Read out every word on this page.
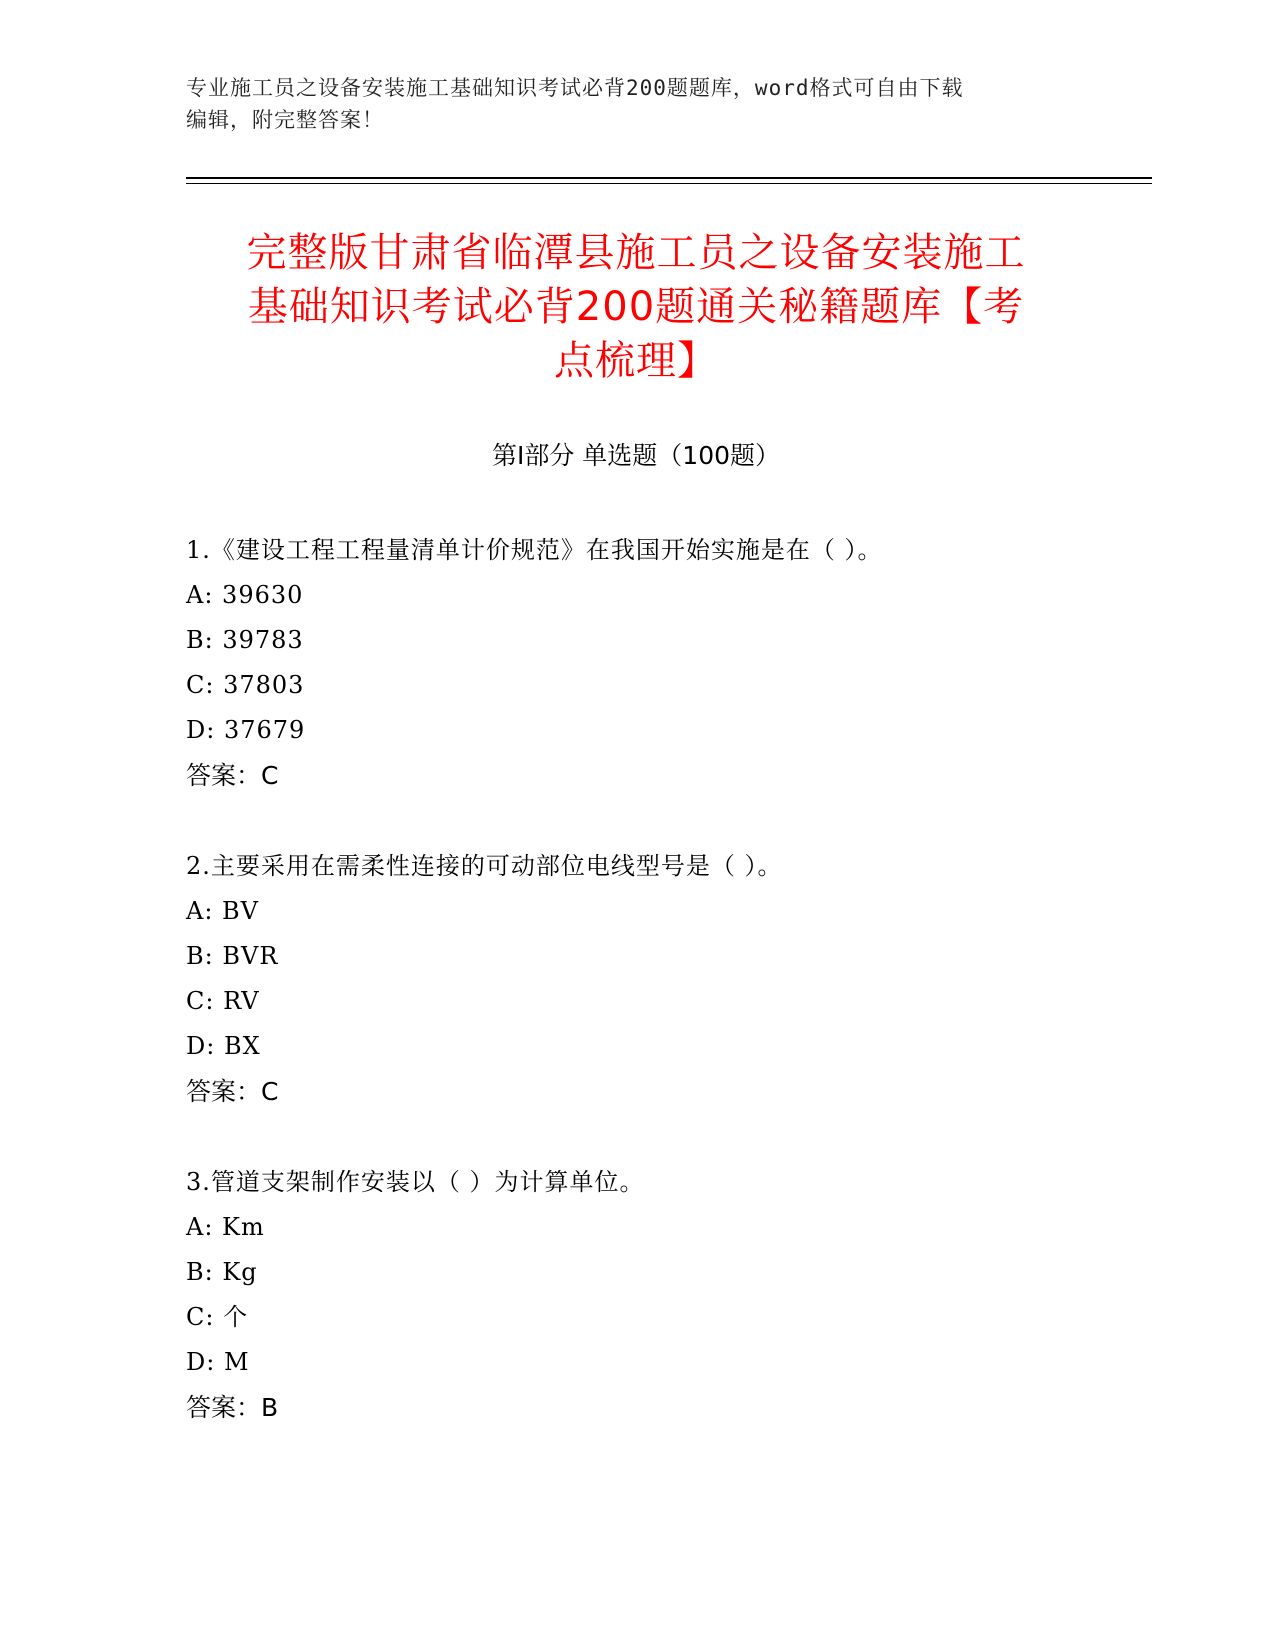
专业施工员之设备安装施工基础知识考试必背200题题库，word格式可自由下载
编辑，附完整答案！
完整版甘肃省临潭县施工员之设备安装施工
基础知识考试必背200题通关秘籍题库【考
点梳理】
第Ⅰ部分 单选题（100题）
1.《建设工程工程量清单计价规范》在我国开始实施是在（ ）。
A: 39630
B: 39783
C: 37803
D: 37679
答案：C
2.主要采用在需柔性连接的可动部位电线型号是（ ）。
A: BV
B: BVR
C: RV
D: BX
答案：C
3.管道支架制作安装以（ ）为计算单位。
A: Km
B: Kg
C: 个
D: M
答案：B
